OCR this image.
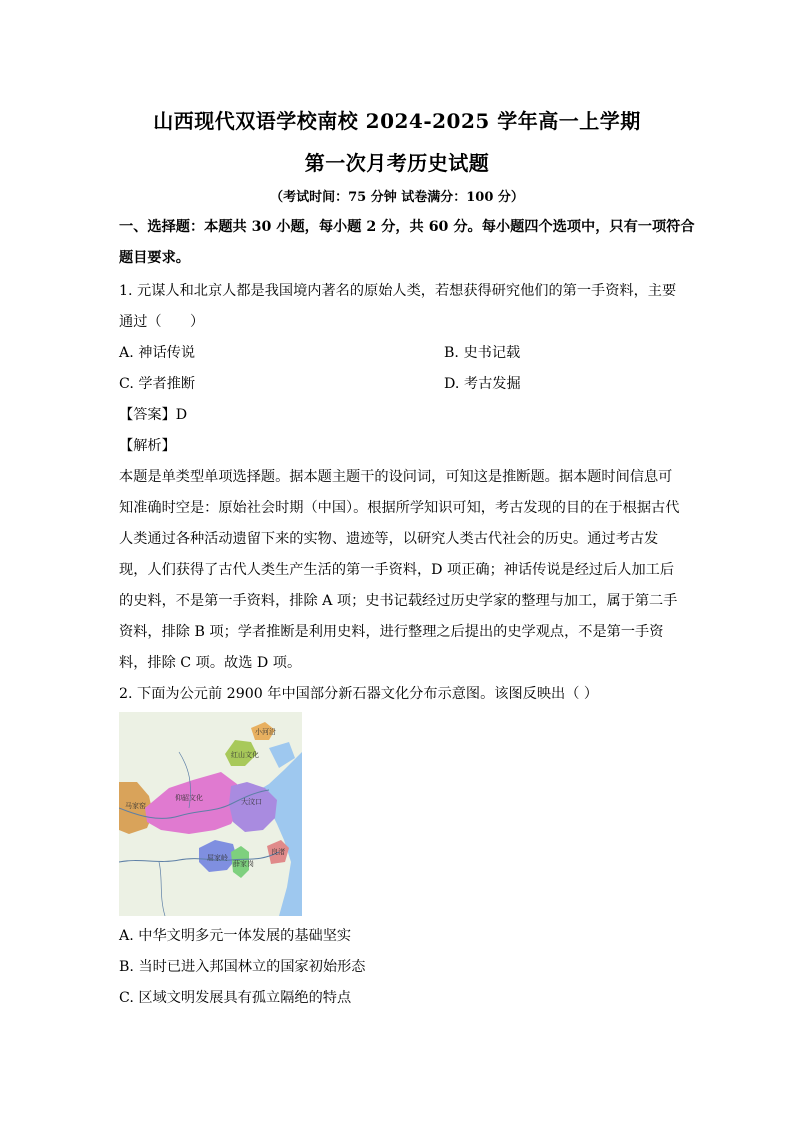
山西现代双语学校南校 2024-2025 学年高一上学期
第一次月考历史试题
（考试时间：75 分钟 试卷满分：100 分）
一、选择题：本题共 30 小题，每小题 2 分，共 60 分。每小题四个选项中，只有一项符合
题目要求。
1. 元谋人和北京人都是我国境内著名的原始人类，若想获得研究他们的第一手资料，主要
通过（　　）
A. 神话传说	B. 史书记载
C. 学者推断	D. 考古发掘
【答案】D
【解析】
本题是单类型单项选择题。据本题主题干的设问词，可知这是推断题。据本题时间信息可
知准确时空是：原始社会时期（中国）。根据所学知识可知，考古发现的目的在于根据古代
人类通过各种活动遗留下来的实物、遗迹等，以研究人类古代社会的历史。通过考古发
现，人们获得了古代人类生产生活的第一手资料，D 项正确；神话传说是经过后人加工后
的史料，不是第一手资料，排除 A 项；史书记载经过历史学家的整理与加工，属于第二手
资料，排除 B 项；学者推断是利用史料，进行整理之后提出的史学观点，不是第一手资
料，排除 C 项。故选 D 项。
2. 下面为公元前 2900 年中国部分新石器文化分布示意图。该图反映出（ ）
红山文化
小河沿
马家窑
仰韶文化	大汶口
屈家岭
良渚
薛家岗
A. 中华文明多元一体发展的基础坚实
B. 当时已进入邦国林立的国家初始形态
C. 区域文明发展具有孤立隔绝的特点
